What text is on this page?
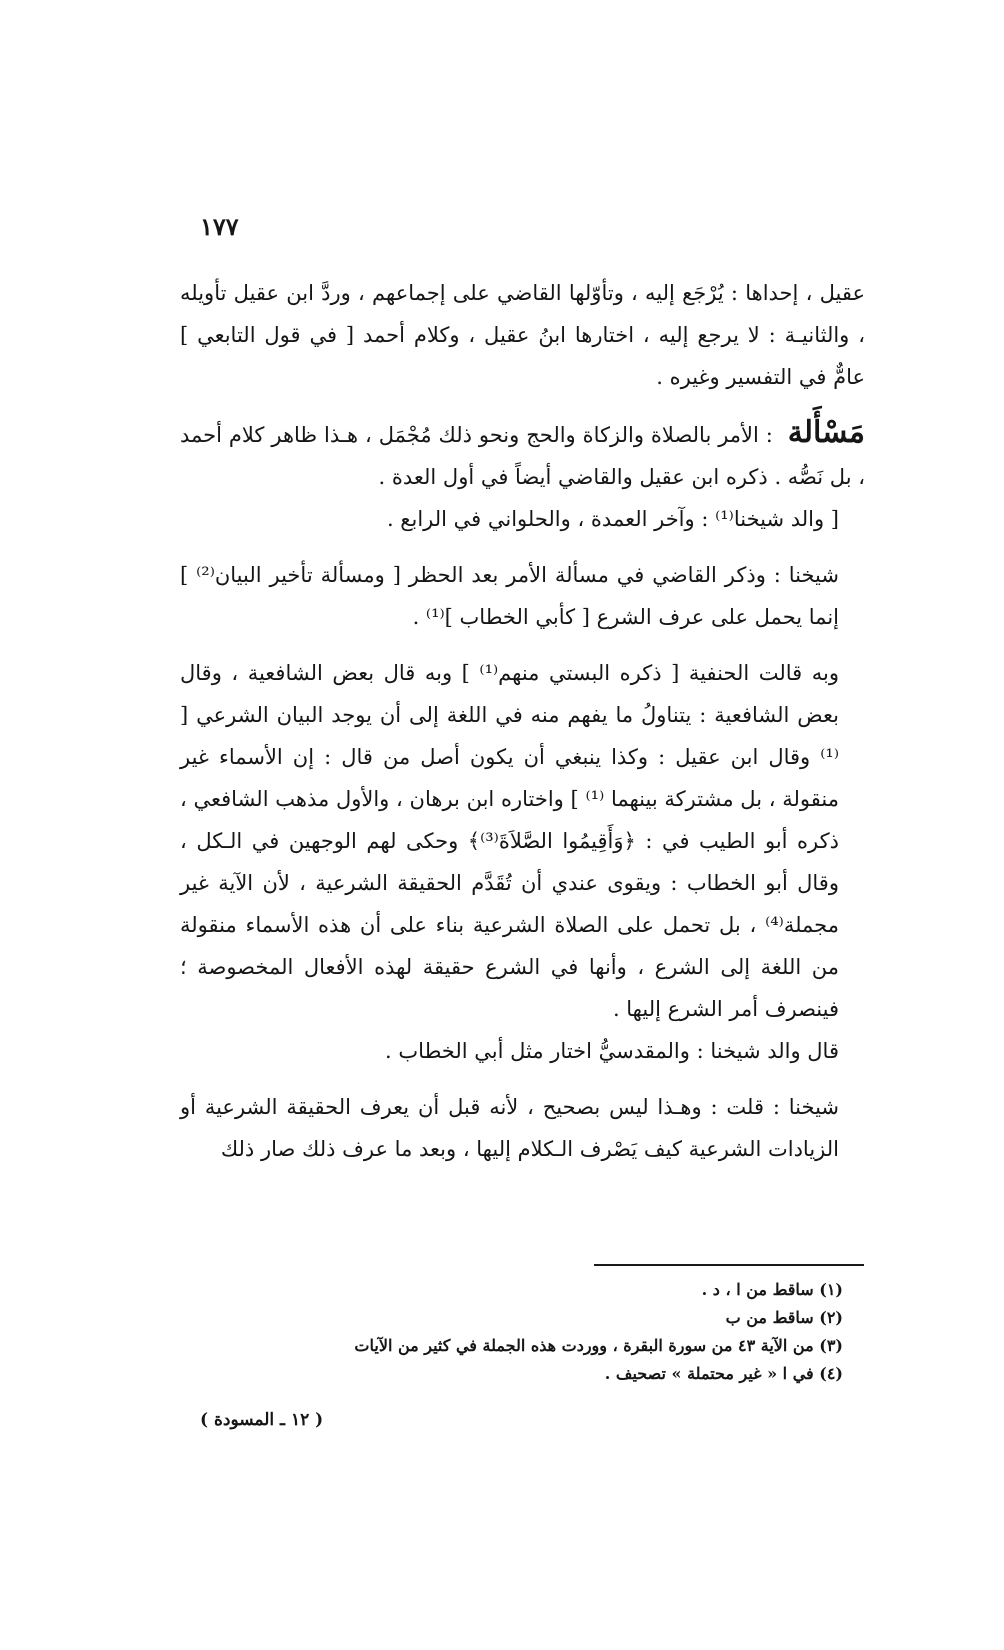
١٧٧

عقيل ، إحداها : يُرْجَع إليه ، وتأوّلها القاضي على إجماعهم ، وردَّ ابن عقيل تأويله ، والثانيـة : لا يرجع إليه ، اختارها ابنُ عقيل ، وكلام أحمد [ في قول التابعي ] عامٌّ في التفسير وغيره .

مَسْأَلة : الأمر بالصلاة والزكاة والحج ونحو ذلك مُجْمَل ، هـذا ظاهر كلام أحمد ، بل نَصُّه . ذكره ابن عقيل والقاضي أيضاً في أول العدة .

[ والد شيخنا⁽¹⁾ : وآخر العمدة ، والحلواني في الرابع .

شيخنا : وذكر القاضي في مسألة الأمر بعد الحظر [ ومسألة تأخير البيان⁽²⁾ ] إنما يحمل على عرف الشرع [ كأبي الخطاب ]⁽¹⁾ .

وبه قالت الحنفية [ ذكره البستي منهم⁽¹⁾ ] وبه قال بعض الشافعية ، وقال بعض الشافعية : يتناولُ ما يفهم منه في اللغة إلى أن يوجد البيان الشرعي [ ⁽¹⁾ وقال ابن عقيل : وكذا ينبغي أن يكون أصل من قال : إن الأسماء غير منقولة ، بل مشتركة بينهما ⁽¹⁾ ] واختاره ابن برهان ، والأول مذهب الشافعي ، ذكره أبو الطيب في : ﴿وَأَقِيمُوا الصَّلاَةَ⁽³⁾﴾ وحكى لهم الوجهين في الـكل ، وقال أبو الخطاب : ويقوى عندي أن تُقَدَّم الحقيقة الشرعية ، لأن الآية غير مجملة⁽⁴⁾ ، بل تحمل على الصلاة الشرعية بناء على أن هذه الأسماء منقولة من اللغة إلى الشرع ، وأنها في الشرع حقيقة لهذه الأفعال المخصوصة ؛ فينصرف أمر الشرع إليها .

قال والد شيخنا : والمقدسيُّ اختار مثل أبي الخطاب .

شيخنا : قلت : وهـذا ليس بصحيح ، لأنه قبل أن يعرف الحقيقة الشرعية أو الزيادات الشرعية كيف يَصْرف الـكلام إليها ، وبعد ما عرف ذلك صار ذلك

(١) ساقط من ا ، د .

(٢) ساقط من ب

(٣) من الآية ٤٣ من سورة البقرة ، ووردت هذه الجملة في كثير من الآيات

(٤) في ا « غير محتملة » تصحيف .

( ١٢ ـ المسودة )
